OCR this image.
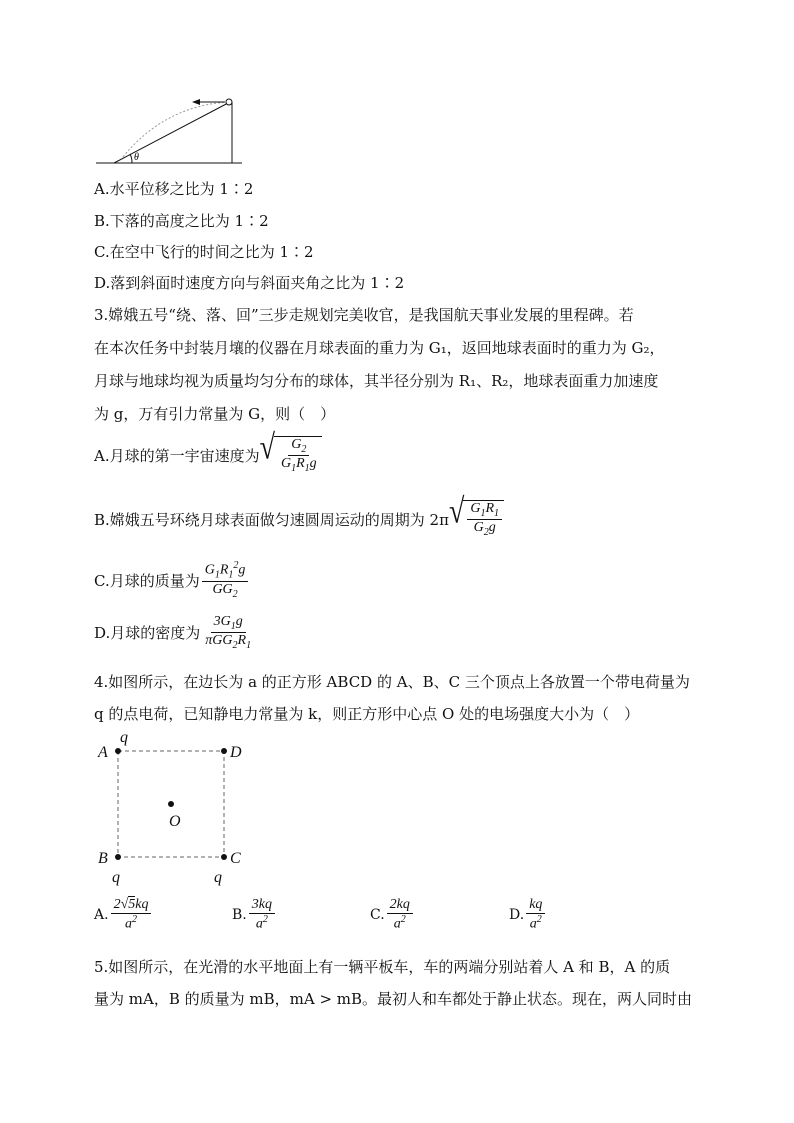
θ
A.水平位移之比为 1∶2
B.下落的高度之比为 1∶2
C.在空中飞行的时间之比为 1∶2
D.落到斜面时速度方向与斜面夹角之比为 1∶2
3.嫦娥五号“绕、落、回”三步走规划完美收官，是我国航天事业发展的里程碑。若
在本次任务中封装月壤的仪器在月球表面的重力为 G₁，返回地球表面时的重力为 G₂，
月球与地球均视为质量均匀分布的球体，其半径分别为 R₁、R₂，地球表面重力加速度
为 g，万有引力常量为 G，则（　）
A.月球的第一宇宙速度为 √ $\frac{G_2}{G_1R_1g}$
B.嫦娥五号环绕月球表面做匀速圆周运动的周期为 2π √ $\frac{G_1R_1}{G_2g}$
C.月球的质量为 $\frac{G_1R_1^2g}{GG_2}$
D.月球的密度为 $\frac{3G_1g}{\pi GG_2R_1}$
4.如图所示，在边长为 a 的正方形 ABCD 的 A、B、C 三个顶点上各放置一个带电荷量为
q 的点电荷，已知静电力常量为 k，则正方形中心点 O 处的电场强度大小为（　）
A
q
D
O
B
q
C
q
A. $\frac{2√5kq}{a^2}$	B. $\frac{3kq}{a^2}$	C. $\frac{2kq}{a^2}$	D. $\frac{kq}{a^2}$
5.如图所示，在光滑的水平地面上有一辆平板车，车的两端分别站着人 A 和 B，A 的质
量为 mA，B 的质量为 mB，mA > mB。最初人和车都处于静止状态。现在，两人同时由
